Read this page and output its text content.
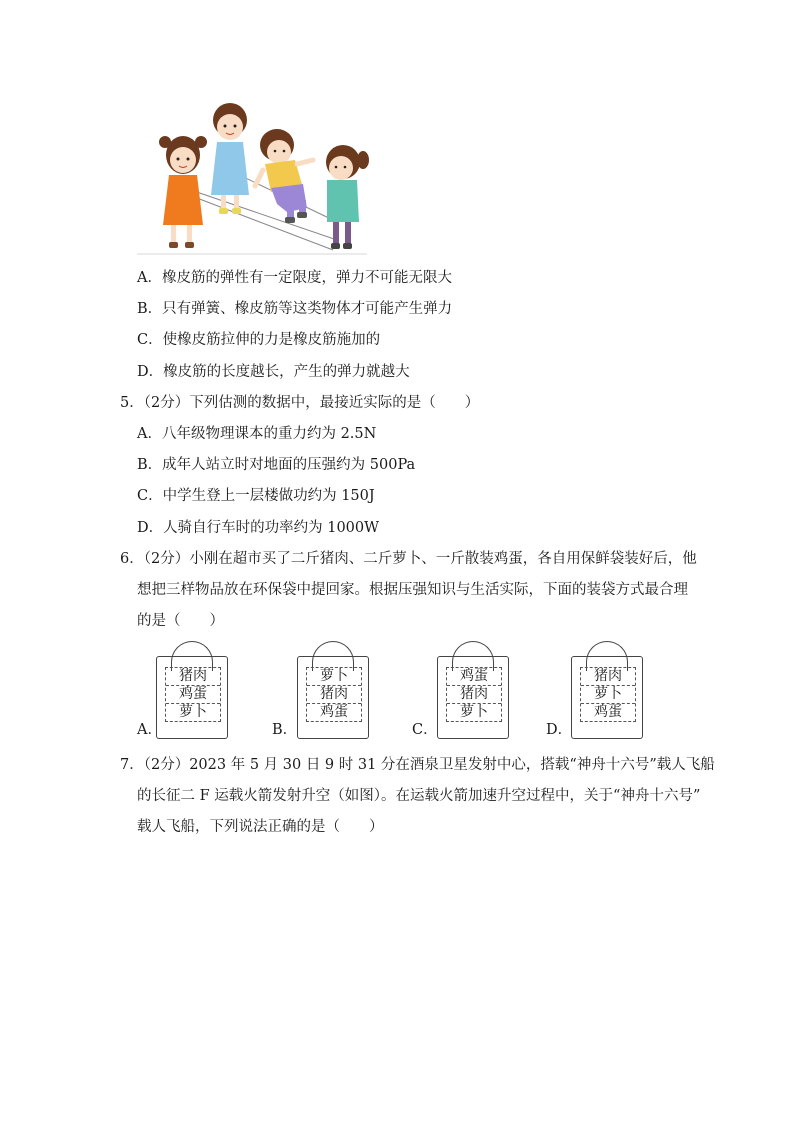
A．橡皮筋的弹性有一定限度，弹力不可能无限大
B．只有弹簧、橡皮筋等这类物体才可能产生弹力
C．使橡皮筋拉伸的力是橡皮筋施加的
D．橡皮筋的长度越长，产生的弹力就越大
5．（2分）下列估测的数据中，最接近实际的是（　　）
A．八年级物理课本的重力约为 2.5N
B．成年人站立时对地面的压强约为 500Pa
C．中学生登上一层楼做功约为 150J
D．人骑自行车时的功率约为 1000W
6．（2分）小刚在超市买了二斤猪肉、二斤萝卜、一斤散装鸡蛋，各自用保鲜袋装好后，他
想把三样物品放在环保袋中提回家。根据压强知识与生活实际，下面的装袋方式最合理
的是（　　）
A．
猪肉
鸡蛋
萝卜
B．
萝卜
猪肉
鸡蛋
C．
鸡蛋
猪肉
萝卜
D．
猪肉
萝卜
鸡蛋
7．（2分）2023 年 5 月 30 日 9 时 31 分在酒泉卫星发射中心，搭载“神舟十六号”载人飞船
的长征二 F 运载火箭发射升空（如图）。在运载火箭加速升空过程中，关于“神舟十六号”
载人飞船，下列说法正确的是（　　）
